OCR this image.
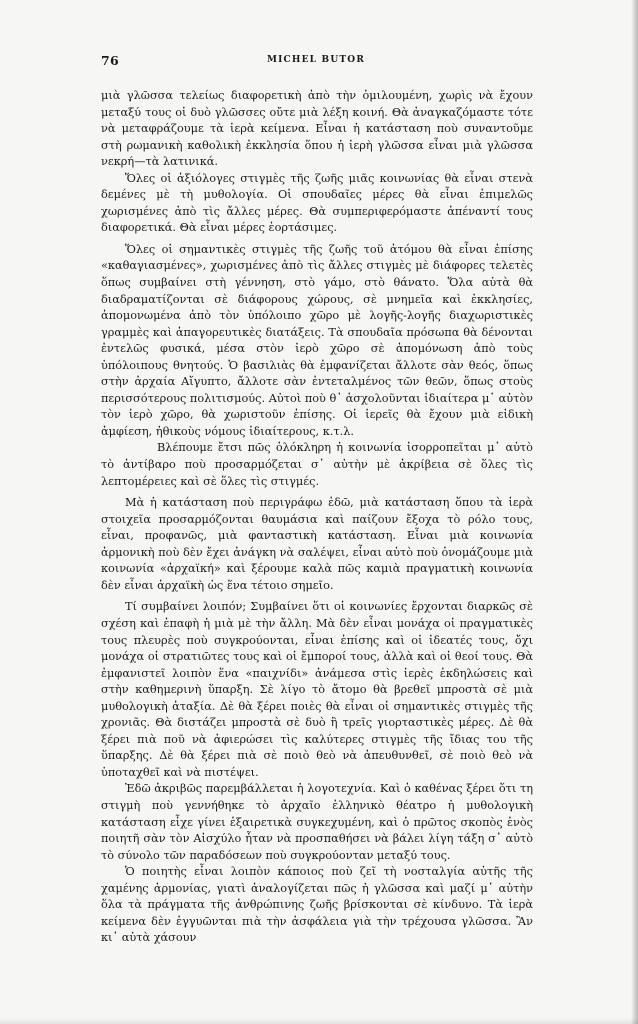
76	MICHEL BUTOR

μιὰ γλῶσσα τελείως διαφορετικὴ ἀπὸ τὴν ὁμιλουμένη, χωρὶς νὰ ἔχουν μεταξύ τους οἱ δυὸ γλῶσσες οὔτε μιὰ λέξη κοινή. Θὰ ἀναγκαζόμαστε τότε νὰ μεταφράζουμε τὰ ἱερὰ κείμενα. Εἶναι ἡ κατάσταση ποὺ συναντοῦμε στὴ ρωμανικὴ καθολικὴ ἐκκλησία ὅπου ἡ ἱερὴ γλῶσσα εἶναι μιὰ γλῶσσα νεκρή—τὰ λατινικά.

Ὅλες οἱ ἀξιόλογες στιγμὲς τῆς ζωῆς μιᾶς κοινωνίας θὰ εἶναι στενὰ δεμένες μὲ τὴ μυθολογία. Οἱ σπουδαῖες μέρες θὰ εἶναι ἐπιμελῶς χωρισμένες ἀπὸ τὶς ἄλλες μέρες. Θὰ συμπεριφερόμαστε ἀπέναντί τους διαφορετικά. Θὰ εἶναι μέρες ἑορτάσιμες.

Ὅλες οἱ σημαντικὲς στιγμὲς τῆς ζωῆς τοῦ ἀτόμου θὰ εἶναι ἐπίσης «καθαγιασμένες», χωρισμένες ἀπὸ τὶς ἄλλες στιγμὲς μὲ διάφορες τελετὲς ὅπως συμβαίνει στὴ γέννηση, στὸ γάμο, στὸ θάνατο. Ὅλα αὐτὰ θὰ διαδραματίζονται σὲ διάφορους χώρους, σὲ μνημεῖα καὶ ἐκκλησίες, ἀπομονωμένα ἀπὸ τὸν ὑπόλοιπο χῶρο μὲ λογῆς-λογῆς διαχωριστικὲς γραμμὲς καὶ ἀπαγορευτικὲς διατάξεις. Τὰ σπουδαῖα πρόσωπα θὰ δένονται ἐντελῶς φυσικά, μέσα στὸν ἱερὸ χῶρο σὲ ἀπομόνωση ἀπὸ τοὺς ὑπόλοιπους θνητούς. Ὁ βασιλιὰς θὰ ἐμφανίζεται ἄλλοτε σὰν θεός, ὅπως στὴν ἀρχαία Αἴγυπτο, ἄλλοτε σὰν ἐντεταλμένος τῶν θεῶν, ὅπως στοὺς περισσότερους πολιτισμούς. Αὐτοὶ ποὺ θ᾿ ἀσχολοῦνται ἰδιαίτερα μ᾿ αὐτὸν τὸν ἱερὸ χῶρο, θὰ χωριστοῦν ἐπίσης. Οἱ ἱερεῖς θὰ ἔχουν μιὰ εἰδικὴ ἀμφίεση, ἠθικοὺς νόμους ἰδιαίτερους, κ.τ.λ.

Βλέπουμε ἔτσι πῶς ὁλόκληρη ἡ κοινωνία ἰσορροπεῖται μ᾿ αὐτὸ τὸ ἀντίβαρο ποὺ προσαρμόζεται σ᾿ αὐτὴν μὲ ἀκρίβεια σὲ ὅλες τὶς λεπτομέρειες καὶ σὲ ὅλες τὶς στιγμές.

Μὰ ἡ κατάσταση ποὺ περιγράφω ἐδῶ, μιὰ κατάσταση ὅπου τὰ ἱερὰ στοιχεῖα προσαρμόζονται θαυμάσια καὶ παίζουν ἔξοχα τὸ ρόλο τους, εἶναι, προφανῶς, μιὰ φανταστικὴ κατάσταση. Εἶναι μιὰ κοινωνία ἁρμονικὴ ποὺ δὲν ἔχει ἀνάγκη νὰ σαλέψει, εἶναι αὐτὸ ποὺ ὀνομάζουμε μιὰ κοινωνία «ἀρχαϊκή» καὶ ξέρουμε καλὰ πῶς καμιὰ πραγματικὴ κοινωνία δὲν εἶναι ἀρχαϊκὴ ὡς ἕνα τέτοιο σημεῖο.

Τί συμβαίνει λοιπόν; Συμβαίνει ὅτι οἱ κοινωνίες ἔρχονται διαρκῶς σὲ σχέση καὶ ἐπαφὴ ἡ μιὰ μὲ τὴν ἄλλη. Μὰ δὲν εἶναι μονάχα οἱ πραγματικὲς τους πλευρὲς ποὺ συγκρούονται, εἶναι ἐπίσης καὶ οἱ ἰδεατές τους, ὄχι μονάχα οἱ στρατιῶτες τους καὶ οἱ ἔμποροί τους, ἀλλὰ καὶ οἱ θεοί τους. Θὰ ἐμφανιστεῖ λοιπὸν ἕνα «παιχνίδι» ἀνάμεσα στὶς ἱερὲς ἐκδηλώσεις καὶ στὴν καθημερινὴ ὕπαρξη. Σὲ λίγο τὸ ἄτομο θὰ βρεθεῖ μπροστὰ σὲ μιὰ μυθολογικὴ ἀταξία. Δὲ θὰ ξέρει ποιὲς θὰ εἶναι οἱ σημαντικὲς στιγμὲς τῆς χρονιᾶς. Θὰ διστάζει μπροστὰ σὲ δυὸ ἢ τρεῖς γιορταστικὲς μέρες. Δὲ θὰ ξέρει πιὰ ποῦ νὰ ἀφιερώσει τὶς καλύτερες στιγμὲς τῆς ἴδιας του τῆς ὕπαρξης. Δὲ θὰ ξέρει πιὰ σὲ ποιὸ θεὸ νὰ ἀπευθυνθεῖ, σὲ ποιὸ θεὸ νὰ ὑποταχθεῖ καὶ νὰ πιστέψει.

Ἐδῶ ἀκριβῶς παρεμβάλλεται ἡ λογοτεχνία. Καὶ ὁ καθένας ξέρει ὅτι τη στιγμὴ ποὺ γεννήθηκε τὸ ἀρχαῖο ἑλληνικὸ θέατρο ἡ μυθολογικὴ κατάσταση εἶχε γίνει ἐξαιρετικὰ συγκεχυμένη, καὶ ὁ πρῶτος σκοπὸς ἑνὸς ποιητῆ σὰν τὸν Αἰσχύλο ἦταν νὰ προσπαθήσει νὰ βάλει λίγη τάξη σ᾿ αὐτὸ τὸ σύνολο τῶν παραδόσεων ποὺ συγκρούονταν μεταξύ τους.

Ὁ ποιητὴς εἶναι λοιπὸν κάποιος ποὺ ζεῖ τὴ νοσταλγία αὐτῆς τῆς χαμένης ἁρμονίας, γιατὶ ἀναλογίζεται πῶς ἡ γλῶσσα καὶ μαζί μ᾿ αὐτὴν ὅλα τὰ πράγματα τῆς ἀνθρώπινης ζωῆς βρίσκονται σὲ κίνδυνο. Τὰ ἱερὰ κείμενα δὲν ἐγγυῶνται πιὰ τὴν ἀσφάλεια γιὰ τὴν τρέχουσα γλῶσσα. Ἂν κι᾿ αὐτὰ χάσουν
